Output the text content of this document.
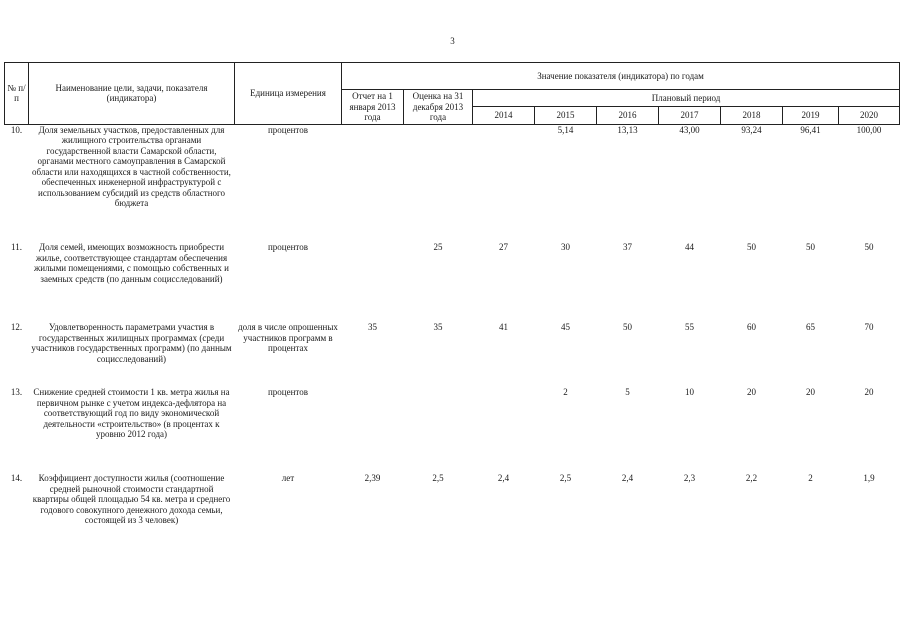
3
№ п/п	Наименование цели, задачи, показателя (индикатора)	Единица измерения	Значение показателя (индикатора) по годам								
			Отчет на 1 января 2013 года	Оценка на 31 декабря 2013 года	Плановый период						
					2014	2015	2016	2017	2018	2019	2020
10.	Доля земельных участков, предоставленных для жилищного строительства органами государственной власти Самарской области, органами местного самоуправления в Самарской области или находящихся в частной собственности, обеспеченных инженерной инфраструктурой с использованием субсидий из средств областного бюджета	процентов				5,14	13,13	43,00	93,24	96,41	100,00
11.	Доля семей, имеющих возможность приобрести жилье, соответствующее стандартам обеспечения жилыми помещениями, с помощью собственных и заемных средств (по данным социсследований)	процентов		25	27	30	37	44	50	50	50
12.	Удовлетворенность параметрами участия в государственных жилищных программах (среди участников государственных программ) (по данным социсследований)	доля в числе опрошенных участников программ в процентах	35	35	41	45	50	55	60	65	70
13.	Снижение средней стоимости 1 кв. метра жилья на первичном рынке с учетом индекса-дефлятора на соответствующий год по виду экономической деятельности «строительство» (в процентах к уровню 2012 года)	процентов				2	5	10	20	20	20
14.	Коэффициент доступности жилья (соотношение средней рыночной стоимости стандартной квартиры общей площадью 54 кв. метра и среднего годового совокупного денежного дохода семьи, состоящей из 3 человек)	лет	2,39	2,5	2,4	2,5	2,4	2,3	2,2	2	1,9
